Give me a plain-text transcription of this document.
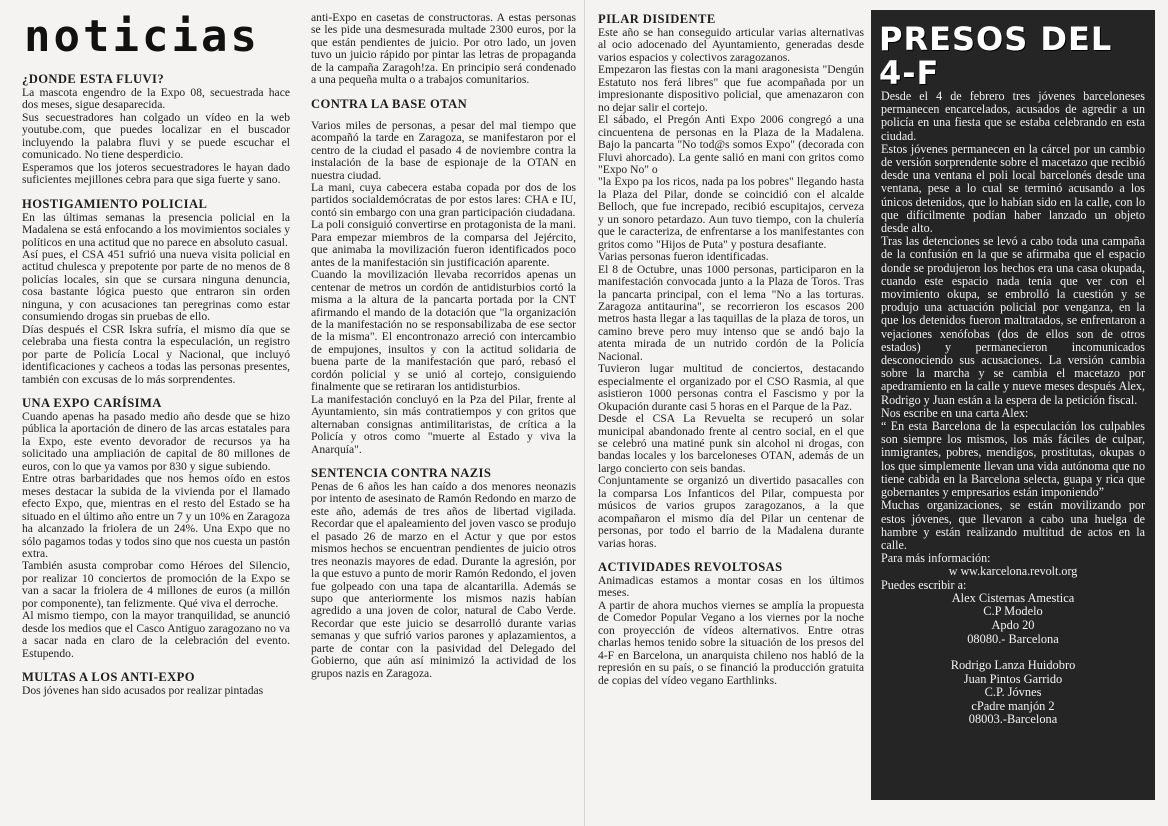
noticias
¿DONDE ESTA FLUVI?

La mascota engendro de la Expo 08, secuestrada hace dos meses, sigue desaparecida.

Sus secuestradores han colgado un vídeo en la web youtube.com, que puedes localizar en el buscador incluyendo la palabra fluvi y se puede escuchar el comunicado. No tiene desperdicio.

Esperamos que los joteros secuestradores le hayan dado suficientes mejillones cebra para que siga fuerte y sano.

HOSTIGAMIENTO POLICIAL

En las últimas semanas la presencia policial en la Madalena se está enfocando a los movimientos sociales y políticos en una actitud que no parece en absoluto casual.

Así pues, el CSA 451 sufrió una nueva visita policial en actitud chulesca y prepotente por parte de no menos de 8 policías locales, sin que se cursara ninguna denuncia, cosa bastante lógica puesto que entraron sin orden ninguna, y con acusaciones tan peregrinas como estar consumiendo drogas sin pruebas de ello.

Días después el CSR Iskra sufría, el mismo día que se celebraba una fiesta contra la especulación, un registro por parte de Policía Local y Nacional, que incluyó identificaciones y cacheos a todas las personas presentes, también con excusas de lo más sorprendentes.

UNA EXPO CARÍSIMA

Cuando apenas ha pasado medio año desde que se hizo pública la aportación de dinero de las arcas estatales para la Expo, este evento devorador de recursos ya ha solicitado una ampliación de capital de 80 millones de euros, con lo que ya vamos por 830 y sigue subiendo.

Entre otras barbaridades que nos hemos oído en estos meses destacar la subida de la vivienda por el llamado efecto Expo, que, mientras en el resto del Estado se ha situado en el último año entre un 7 y un 10% en Zaragoza ha alcanzado la friolera de un 24%. Una Expo que no sólo pagamos todas y todos sino que nos cuesta un pastón extra.

También asusta comprobar como Héroes del Silencio, por realizar 10 conciertos de promoción de la Expo se van a sacar la friolera de 4 millones de euros (a millón por componente), tan felizmente. Qué viva el derroche.

Al mismo tiempo, con la mayor tranquilidad, se anunció desde los medios que el Casco Antiguo zaragozano no va a sacar nada en claro de la celebración del evento. Estupendo.

MULTAS A LOS ANTI-EXPO

Dos jóvenes han sido acusados por realizar pintadas

anti-Expo en casetas de constructoras. A estas personas se les pide una desmesurada multade 2300 euros, por la que están pendientes de juicio. Por otro lado, un joven tuvo un juicio rápido por pintar las letras de propaganda de la campaña Zaragoh!za. En principio será condenado a una pequeña multa o a trabajos comunitarios.

CONTRA LA BASE OTAN

Varios miles de personas, a pesar del mal tiempo que acompañó la tarde en Zaragoza, se manifestaron por el centro de la ciudad el pasado 4 de noviembre contra la instalación de la base de espionaje de la OTAN en nuestra ciudad.

La mani, cuya cabecera estaba copada por dos de los partidos socialdemócratas de por estos lares: CHA e IU, contó sin embargo con una gran participación ciudadana.

La poli consiguió convertirse en protagonista de la mani. Para empezar miembros de la comparsa del Jejército, que animaba la movilización fueron identificados poco antes de la manifestación sin justificación aparente.

Cuando la movilización llevaba recorridos apenas un centenar de metros un cordón de antidisturbios cortó la misma a la altura de la pancarta portada por la CNT afirmando el mando de la dotación que "la organización de la manifestación no se responsabilizaba de ese sector de la misma". El encontronazo arreció con intercambio de empujones, insultos y con la actitud solidaria de buena parte de la manifestación que paró, rebasó el cordón policial y se unió al cortejo, consiguiendo finalmente que se retiraran los antidisturbios.

La manifestación concluyó en la Pza del Pilar, frente al Ayuntamiento, sin más contratiempos y con gritos que alternaban consignas antimilitaristas, de crítica a la Policía y otros como "muerte al Estado y viva la Anarquía".

SENTENCIA CONTRA NAZIS

Penas de 6 años les han caído a dos menores neonazis por intento de asesinato de Ramón Redondo en marzo de este año, además de tres años de libertad vigilada. Recordar que el apaleamiento del joven vasco se produjo el pasado 26 de marzo en el Actur y que por estos mismos hechos se encuentran pendientes de juicio otros tres neonazis mayores de edad. Durante la agresión, por la que estuvo a punto de morir Ramón Redondo, el joven fue golpeado con una tapa de alcantarilla. Además se supo que anteriormente los mismos nazis habían agredido a una joven de color, natural de Cabo Verde. Recordar que este juicio se desarrolló durante varias semanas y que sufrió varios parones y aplazamientos, a parte de contar con la pasividad del Delegado del Gobierno, que aún así minimizó la actividad de los grupos nazis en Zaragoza.

PILAR DISIDENTE

Este año se han conseguido articular varias alternativas al ocio adocenado del Ayuntamiento, generadas desde varios espacios y colectivos zaragozanos.

Empezaron las fiestas con la mani aragonesista "Dengún Estatuto nos ferá libres" que fue acompañada por un impresionante dispositivo policial, que amenazaron con no dejar salir el cortejo.

El sábado, el Pregón Anti Expo 2006 congregó a una cincuentena de personas en la Plaza de la Madalena. Bajo la pancarta "No tod@s somos Expo" (decorada con Fluvi ahorcado). La gente salió en mani con gritos como "Expo No" o

"la Expo pa los ricos, nada pa los pobres" llegando hasta la Plaza del Pilar, donde se coincidió con el alcalde Belloch, que fue increpado, recibió escupitajos, cerveza y un sonoro petardazo. Aun tuvo tiempo, con la chulería que le caracteriza, de enfrentarse a los manifestantes con gritos como "Hijos de Puta" y postura desafiante.

Varias personas fueron identificadas.

El 8 de Octubre, unas 1000 personas, participaron en la manifestación convocada junto a la Plaza de Toros. Tras la pancarta principal, con el lema "No a las torturas. Zaragoza antitaurina", se recorrieron los escasos 200 metros hasta llegar a las taquillas de la plaza de toros, un camino breve pero muy intenso que se andó bajo la atenta mirada de un nutrido cordón de la Policía Nacional.

Tuvieron lugar multitud de conciertos, destacando especialmente el organizado por el CSO Rasmia, al que asistieron 1000 personas contra el Fascismo y por la Okupación durante casi 5 horas en el Parque de la Paz.

Desde el CSA La Revuelta se recuperó un solar municipal abandonado frente al centro social, en el que se celebró una matiné punk sin alcohol ni drogas, con bandas locales y los barceloneses OTAN, además de un largo concierto con seis bandas.

Conjuntamente se organizó un divertido pasacalles con la comparsa Los Infanticos del Pilar, compuesta por músicos de varios grupos zaragozanos, a la que acompañaron el mismo día del Pilar un centenar de personas, por todo el barrio de la Madalena durante varias horas.

ACTIVIDADES REVOLTOSAS

Animadicas estamos a montar cosas en los últimos meses.

A partir de ahora muchos viernes se amplía la propuesta de Comedor Popular Vegano a los viernes por la noche con proyección de vídeos alternativos. Entre otras charlas hemos tenido sobre la situación de los presos del 4-F en Barcelona, un anarquista chileno nos habló de la represión en su país, o se financió la producción gratuita de copias del vídeo vegano Earthlinks.

PRESOS DEL 4-F

Desde el 4 de febrero tres jóvenes barceloneses permanecen encarcelados, acusados de agredir a un policía en una fiesta que se estaba celebrando en esta ciudad.

Estos jóvenes permanecen en la cárcel por un cambio de versión sorprendente sobre el macetazo que recibió desde una ventana el poli local barcelonés desde una ventana, pese a lo cual se terminó acusando a los únicos detenidos, que lo habían sido en la calle, con lo que difícilmente podían haber lanzado un objeto desde alto.

Tras las detenciones se levó a cabo toda una campaña de la confusión en la que se afirmaba que el espacio donde se produjeron los hechos era una casa okupada, cuando este espacio nada tenía que ver con el movimiento okupa, se embrolló la cuestión y se produjo una actuación policial por venganza, en la que los detenidos fueron maltratados, se enfrentaron a vejaciones xenófobas (dos de ellos son de otros estados) y permanecieron incomunicados desconociendo sus acusaciones. La versión cambia sobre la marcha y se cambia el macetazo por apedramiento en la calle y nueve meses después Alex, Rodrigo y Juan están a la espera de la petición fiscal.

Nos escribe en una carta Alex:

“ En esta Barcelona de la especulación los culpables son siempre los mismos, los más fáciles de culpar, inmigrantes, pobres, mendigos, prostitutas, okupas o los que simplemente llevan una vida autónoma que no tiene cabida en la Barcelona selecta, guapa y rica que gobernantes y empresarios están imponiendo”

Muchas organizaciones, se están movilizando por estos jóvenes, que llevaron a cabo una huelga de hambre y están realizando multitud de actos en la calle.

Para más información:

w ww.karcelona.revolt.org

Puedes escribir a:

Alex Cisternas Amestica

C.P Modelo

Apdo 20

08080.- Barcelona

Rodrigo Lanza Huidobro

Juan Pintos Garrido

C.P. Jóvnes

cPadre manjón 2

08003.-Barcelona
